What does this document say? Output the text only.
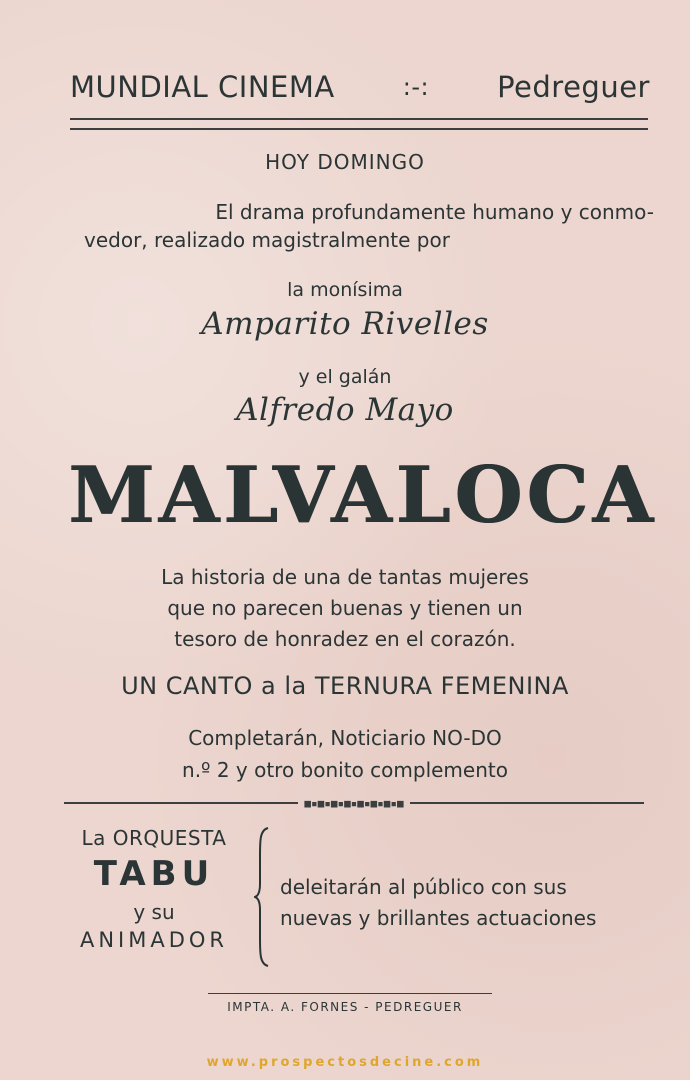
MUNDIAL CINEMA	:-: Pedreguer
HOY DOMINGO
El drama profundamente humano y conmo-
vedor, realizado magistralmente por
la monísima
Amparito Rivelles
y el galán
Alfredo Mayo
MALVALOCA
La historia de una de tantas mujeres
que no parecen buenas y tienen un
tesoro de honradez en el corazón.
UN CANTO a la TERNURA FEMENINA
Completarán, Noticiario NO-DO
n.º 2 y otro bonito complemento
■▪■▪■▪■▪■▪■▪■▪■
La ORQUESTA
TABU
y su
ANIMADOR
deleitarán al público con sus
nuevas y brillantes actuaciones
IMPTA. A. FORNES - PEDREGUER
www.prospectosdecine.com
